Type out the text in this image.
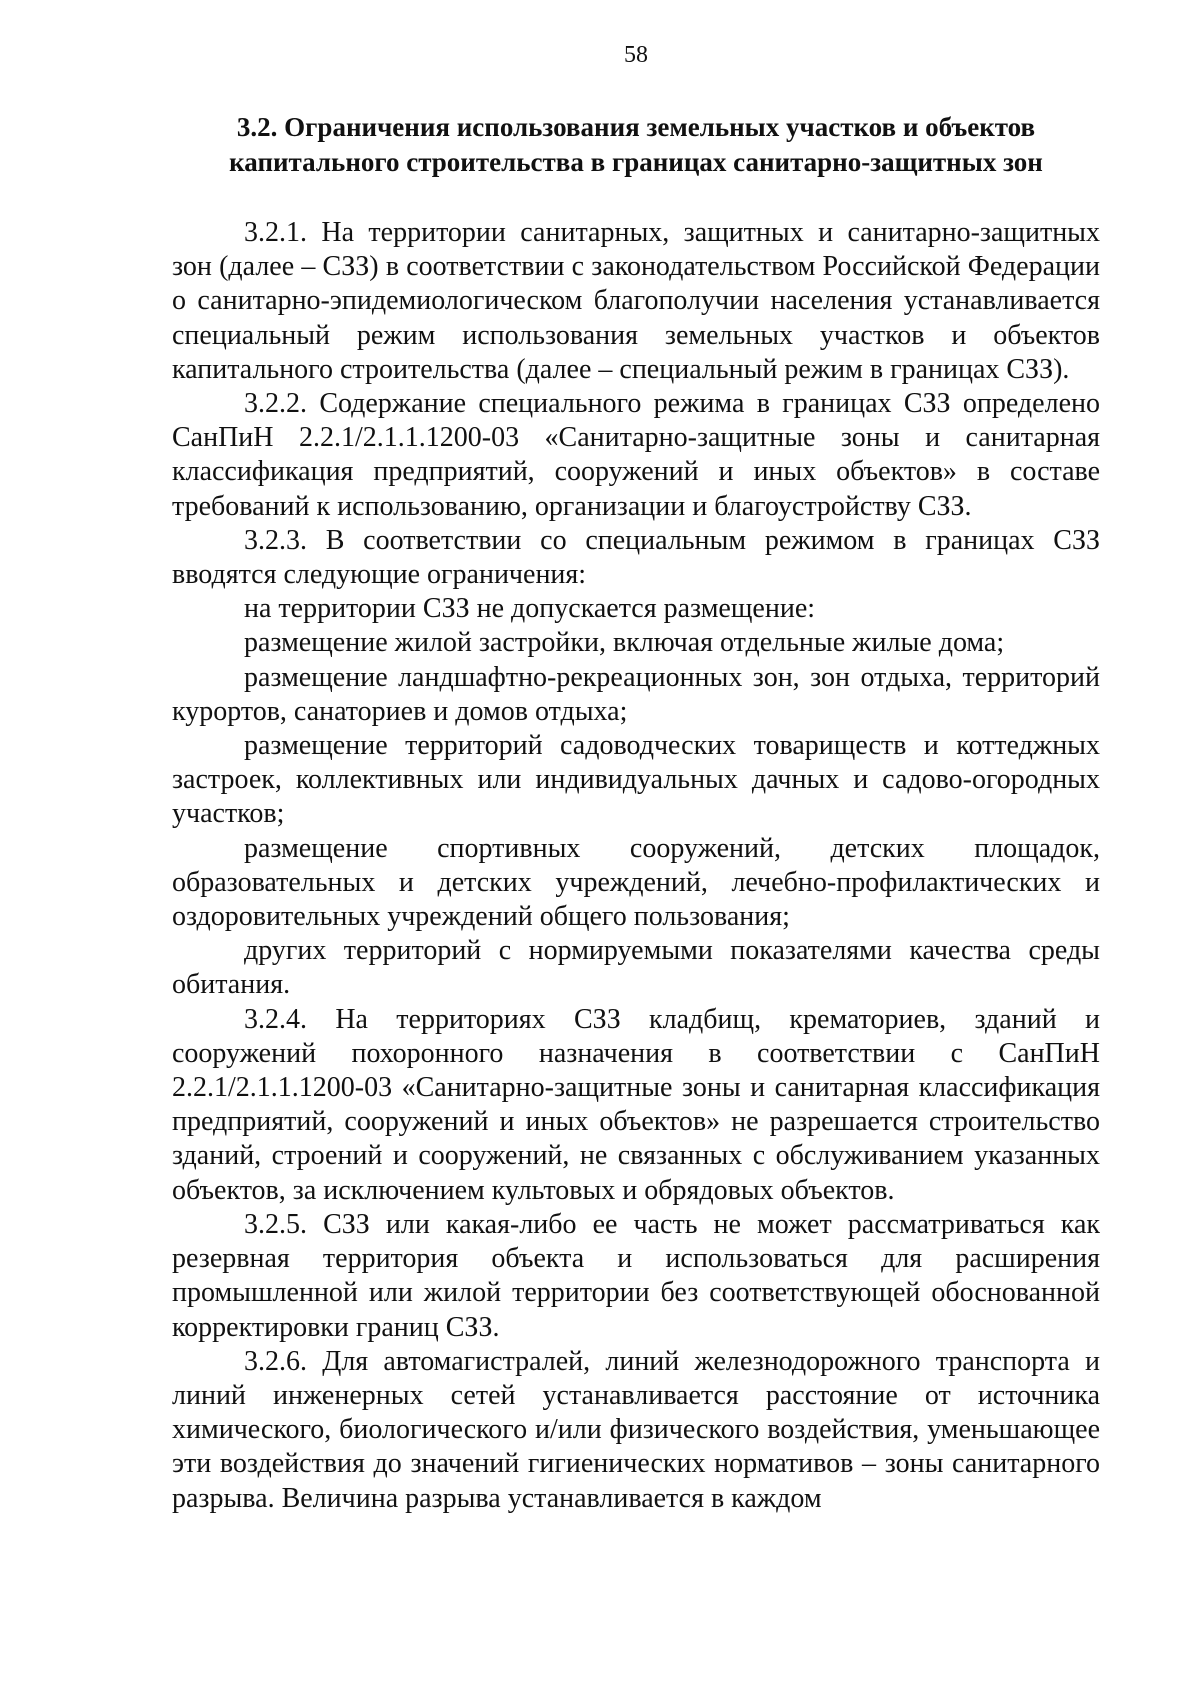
58
3.2. Ограничения использования земельных участков и объектов
капитального строительства в границах санитарно-защитных зон

3.2.1. На территории санитарных, защитных и санитарно-защитных зон (далее – СЗЗ) в соответствии с законодательством Российской Федерации о санитарно-эпидемиологическом благополучии населения устанавливается специальный режим использования земельных участков и объектов капитального строительства (далее – специальный режим в границах СЗЗ).

3.2.2. Содержание специального режима в границах СЗЗ определено СанПиН 2.2.1/2.1.1.1200-03 «Санитарно-защитные зоны и санитарная классификация предприятий, сооружений и иных объектов» в составе требований к использованию, организации и благоустройству СЗЗ.

3.2.3. В соответствии со специальным режимом в границах СЗЗ вводятся следующие ограничения:

на территории СЗЗ не допускается размещение:

размещение жилой застройки, включая отдельные жилые дома;

размещение ландшафтно-рекреационных зон, зон отдыха, территорий курортов, санаториев и домов отдыха;

размещение территорий садоводческих товариществ и коттеджных застроек, коллективных или индивидуальных дачных и садово-огородных участков;

размещение спортивных сооружений, детских площадок, образовательных и детских учреждений, лечебно-профилактических и оздоровительных учреждений общего пользования;

других территорий с нормируемыми показателями качества среды обитания.

3.2.4. На территориях СЗЗ кладбищ, крематориев, зданий и сооружений похоронного назначения в соответствии с СанПиН 2.2.1/2.1.1.1200-03 «Санитарно-защитные зоны и санитарная классификация предприятий, сооружений и иных объектов» не разрешается строительство зданий, строений и сооружений, не связанных с обслуживанием указанных объектов, за исключением культовых и обрядовых объектов.

3.2.5. СЗЗ или какая-либо ее часть не может рассматриваться как резервная территория объекта и использоваться для расширения промышленной или жилой территории без соответствующей обоснованной корректировки границ СЗЗ.

3.2.6. Для автомагистралей, линий железнодорожного транспорта и линий инженерных сетей устанавливается расстояние от источника химического, биологического и/или физического воздействия, уменьшающее эти воздействия до значений гигиенических нормативов – зоны санитарного разрыва. Величина разрыва устанавливается в каждом
